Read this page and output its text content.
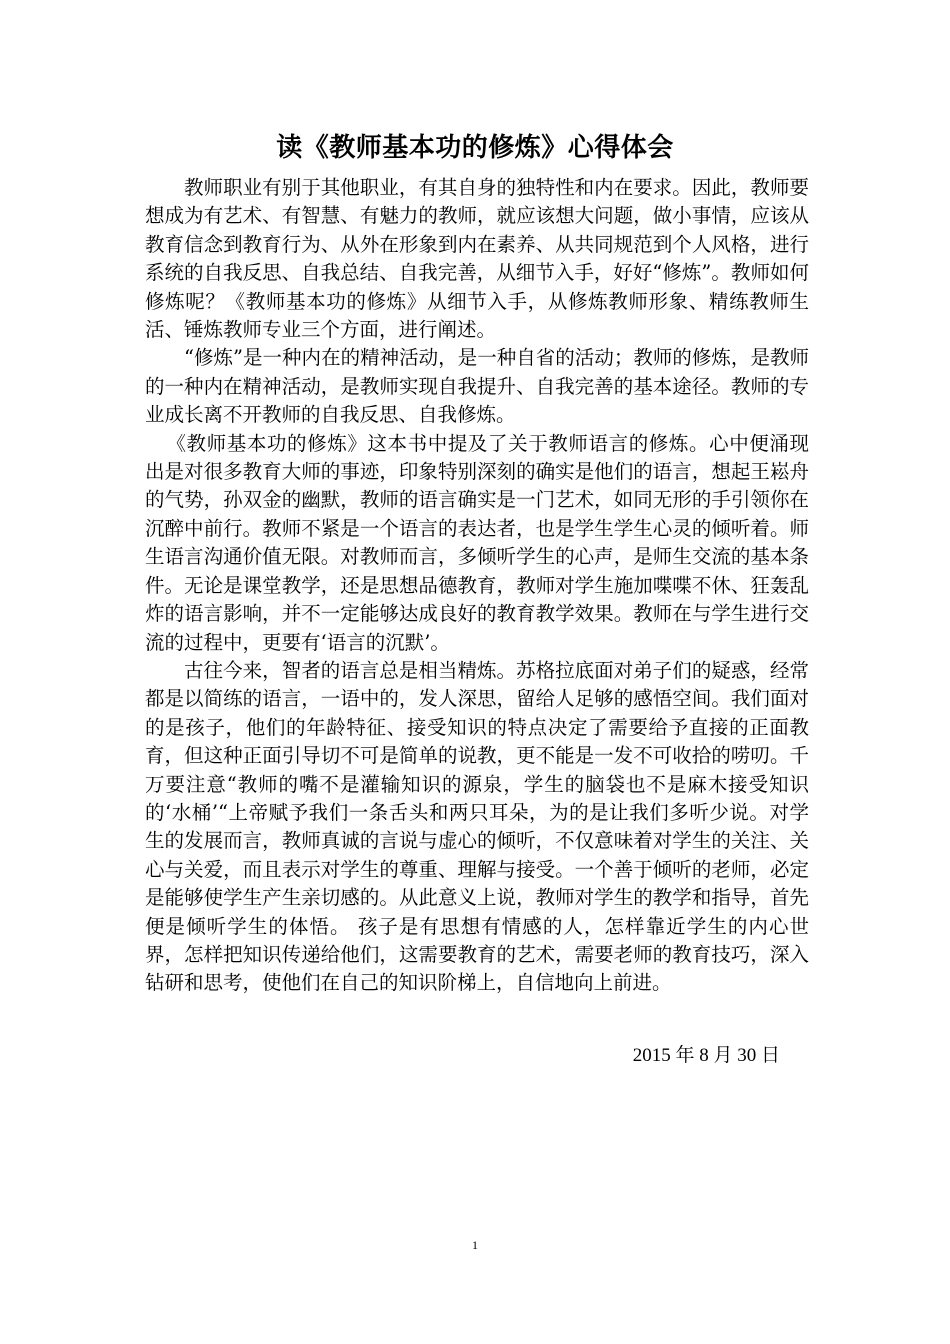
读《教师基本功的修炼》心得体会

教师职业有别于其他职业，有其自身的独特性和内在要求。因此，教师要想成为有艺术、有智慧、有魅力的教师，就应该想大问题，做小事情，应该从教育信念到教育行为、从外在形象到内在素养、从共同规范到个人风格，进行系统的自我反思、自我总结、自我完善，从细节入手，好好“修炼”。教师如何修炼呢？《教师基本功的修炼》从细节入手，从修炼教师形象、精练教师生活、锤炼教师专业三个方面，进行阐述。

“修炼”是一种内在的精神活动，是一种自省的活动；教师的修炼，是教师的一种内在精神活动，是教师实现自我提升、自我完善的基本途径。教师的专业成长离不开教师的自我反思、自我修炼。

《教师基本功的修炼》这本书中提及了关于教师语言的修炼。心中便涌现出是对很多教育大师的事迹，印象特别深刻的确实是他们的语言，想起王崧舟的气势，孙双金的幽默，教师的语言确实是一门艺术，如同无形的手引领你在沉醉中前行。教师不紧是一个语言的表达者，也是学生学生心灵的倾听着。师生语言沟通价值无限。对教师而言，多倾听学生的心声，是师生交流的基本条件。无论是课堂教学，还是思想品德教育，教师对学生施加喋喋不休、狂轰乱炸的语言影响，并不一定能够达成良好的教育教学效果。教师在与学生进行交流的过程中，更要有‘语言的沉默’。

古往今来，智者的语言总是相当精炼。苏格拉底面对弟子们的疑惑，经常都是以简练的语言，一语中的，发人深思，留给人足够的感悟空间。我们面对的是孩子，他们的年龄特征、接受知识的特点决定了需要给予直接的正面教育，但这种正面引导切不可是简单的说教，更不能是一发不可收拾的唠叨。千万要注意“教师的嘴不是灌输知识的源泉，学生的脑袋也不是麻木接受知识的‘水桶’“上帝赋予我们一条舌头和两只耳朵，为的是让我们多听少说。对学生的发展而言，教师真诚的言说与虚心的倾听，不仅意味着对学生的关注、关心与关爱，而且表示对学生的尊重、理解与接受。一个善于倾听的老师，必定是能够使学生产生亲切感的。从此意义上说，教师对学生的教学和指导，首先便是倾听学生的体悟。 孩子是有思想有情感的人，怎样靠近学生的内心世界，怎样把知识传递给他们，这需要教育的艺术，需要老师的教育技巧，深入钻研和思考，使他们在自己的知识阶梯上，自信地向上前进。

2015 年 8 月 30 日
1
